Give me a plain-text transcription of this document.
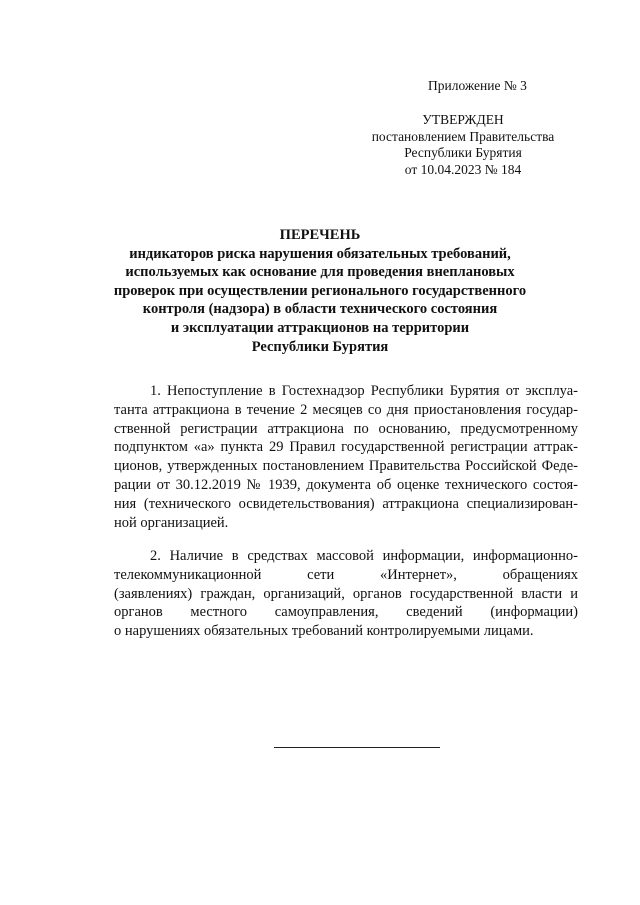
Приложение № 3
УТВЕРЖДЕН
постановлением Правительства
Республики Бурятия
от 10.04.2023 № 184
ПЕРЕЧЕНЬ
индикаторов риска нарушения обязательных требований,
используемых как основание для проведения внеплановых
проверок при осуществлении регионального государственного
контроля (надзора) в области технического состояния
и эксплуатации аттракционов на территории
Республики Бурятия
1. Непоступление в Гостехнадзор Республики Бурятия от эксплуа-
танта аттракциона в течение 2 месяцев со дня приостановления государ-
ственной регистрации аттракциона по основанию, предусмотренному
подпунктом «а» пункта 29 Правил государственной регистрации аттрак-
ционов, утвержденных постановлением Правительства Российской Феде-
рации от 30.12.2019 № 1939, документа об оценке технического состоя-
ния (технического освидетельствования) аттракциона специализирован-
ной организацией.
2. Наличие в средствах массовой информации, информационно-
телекоммуникационной сети «Интернет», обращениях
(заявлениях) граждан, организаций, органов государственной власти и
органов местного самоуправления, сведений (информации)
о нарушениях обязательных требований контролируемыми лицами.
